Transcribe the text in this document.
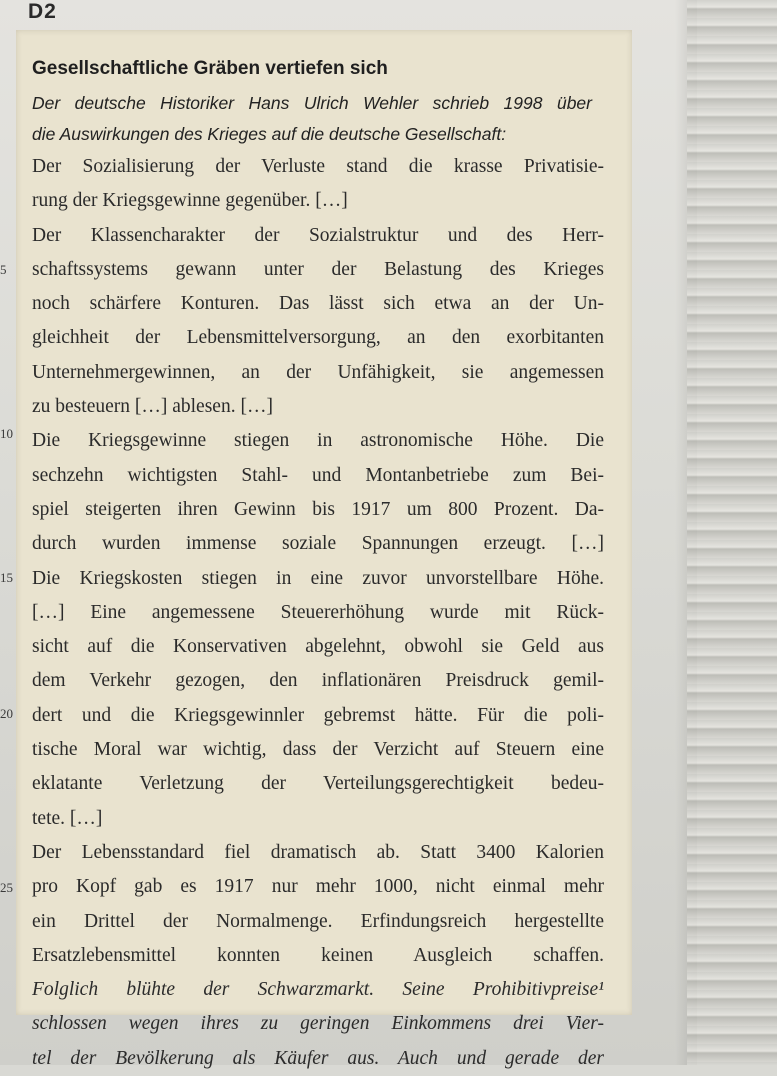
D2
Gesellschaftliche Gräben vertiefen sich
Der deutsche Historiker Hans Ulrich Wehler schrieb 1998 über
die Auswirkungen des Krieges auf die deutsche Gesellschaft:
5
10
15
20
25
Der Sozialisierung der Verluste stand die krasse Privatisie-
rung der Kriegsgewinne gegenüber. […]
Der Klassencharakter der Sozialstruktur und des Herr-
schaftssystems gewann unter der Belastung des Krieges
noch schärfere Konturen. Das lässt sich etwa an der Un-
gleichheit der Lebensmittelversorgung, an den exorbitanten
Unternehmergewinnen, an der Unfähigkeit, sie angemessen
zu besteuern […] ablesen. […]
Die Kriegsgewinne stiegen in astronomische Höhe. Die
sechzehn wichtigsten Stahl- und Montanbetriebe zum Bei-
spiel steigerten ihren Gewinn bis 1917 um 800 Prozent. Da-
durch wurden immense soziale Spannungen erzeugt. […]
Die Kriegskosten stiegen in eine zuvor unvorstellbare Höhe.
[…] Eine angemessene Steuererhöhung wurde mit Rück-
sicht auf die Konservativen abgelehnt, obwohl sie Geld aus
dem Verkehr gezogen, den inflationären Preisdruck gemil-
dert und die Kriegsgewinnler gebremst hätte. Für die poli-
tische Moral war wichtig, dass der Verzicht auf Steuern eine
eklatante Verletzung der Verteilungsgerechtigkeit bedeu-
tete. […]
Der Lebensstandard fiel dramatisch ab. Statt 3400 Kalorien
pro Kopf gab es 1917 nur mehr 1000, nicht einmal mehr
ein Drittel der Normalmenge. Erfindungsreich hergestellte
Ersatzlebensmittel konnten keinen Ausgleich schaffen.
Folglich blühte der Schwarzmarkt. Seine Prohibitivpreise¹
schlossen wegen ihres zu geringen Einkommens drei Vier-
tel der Bevölkerung als Käufer aus. Auch und gerade der
